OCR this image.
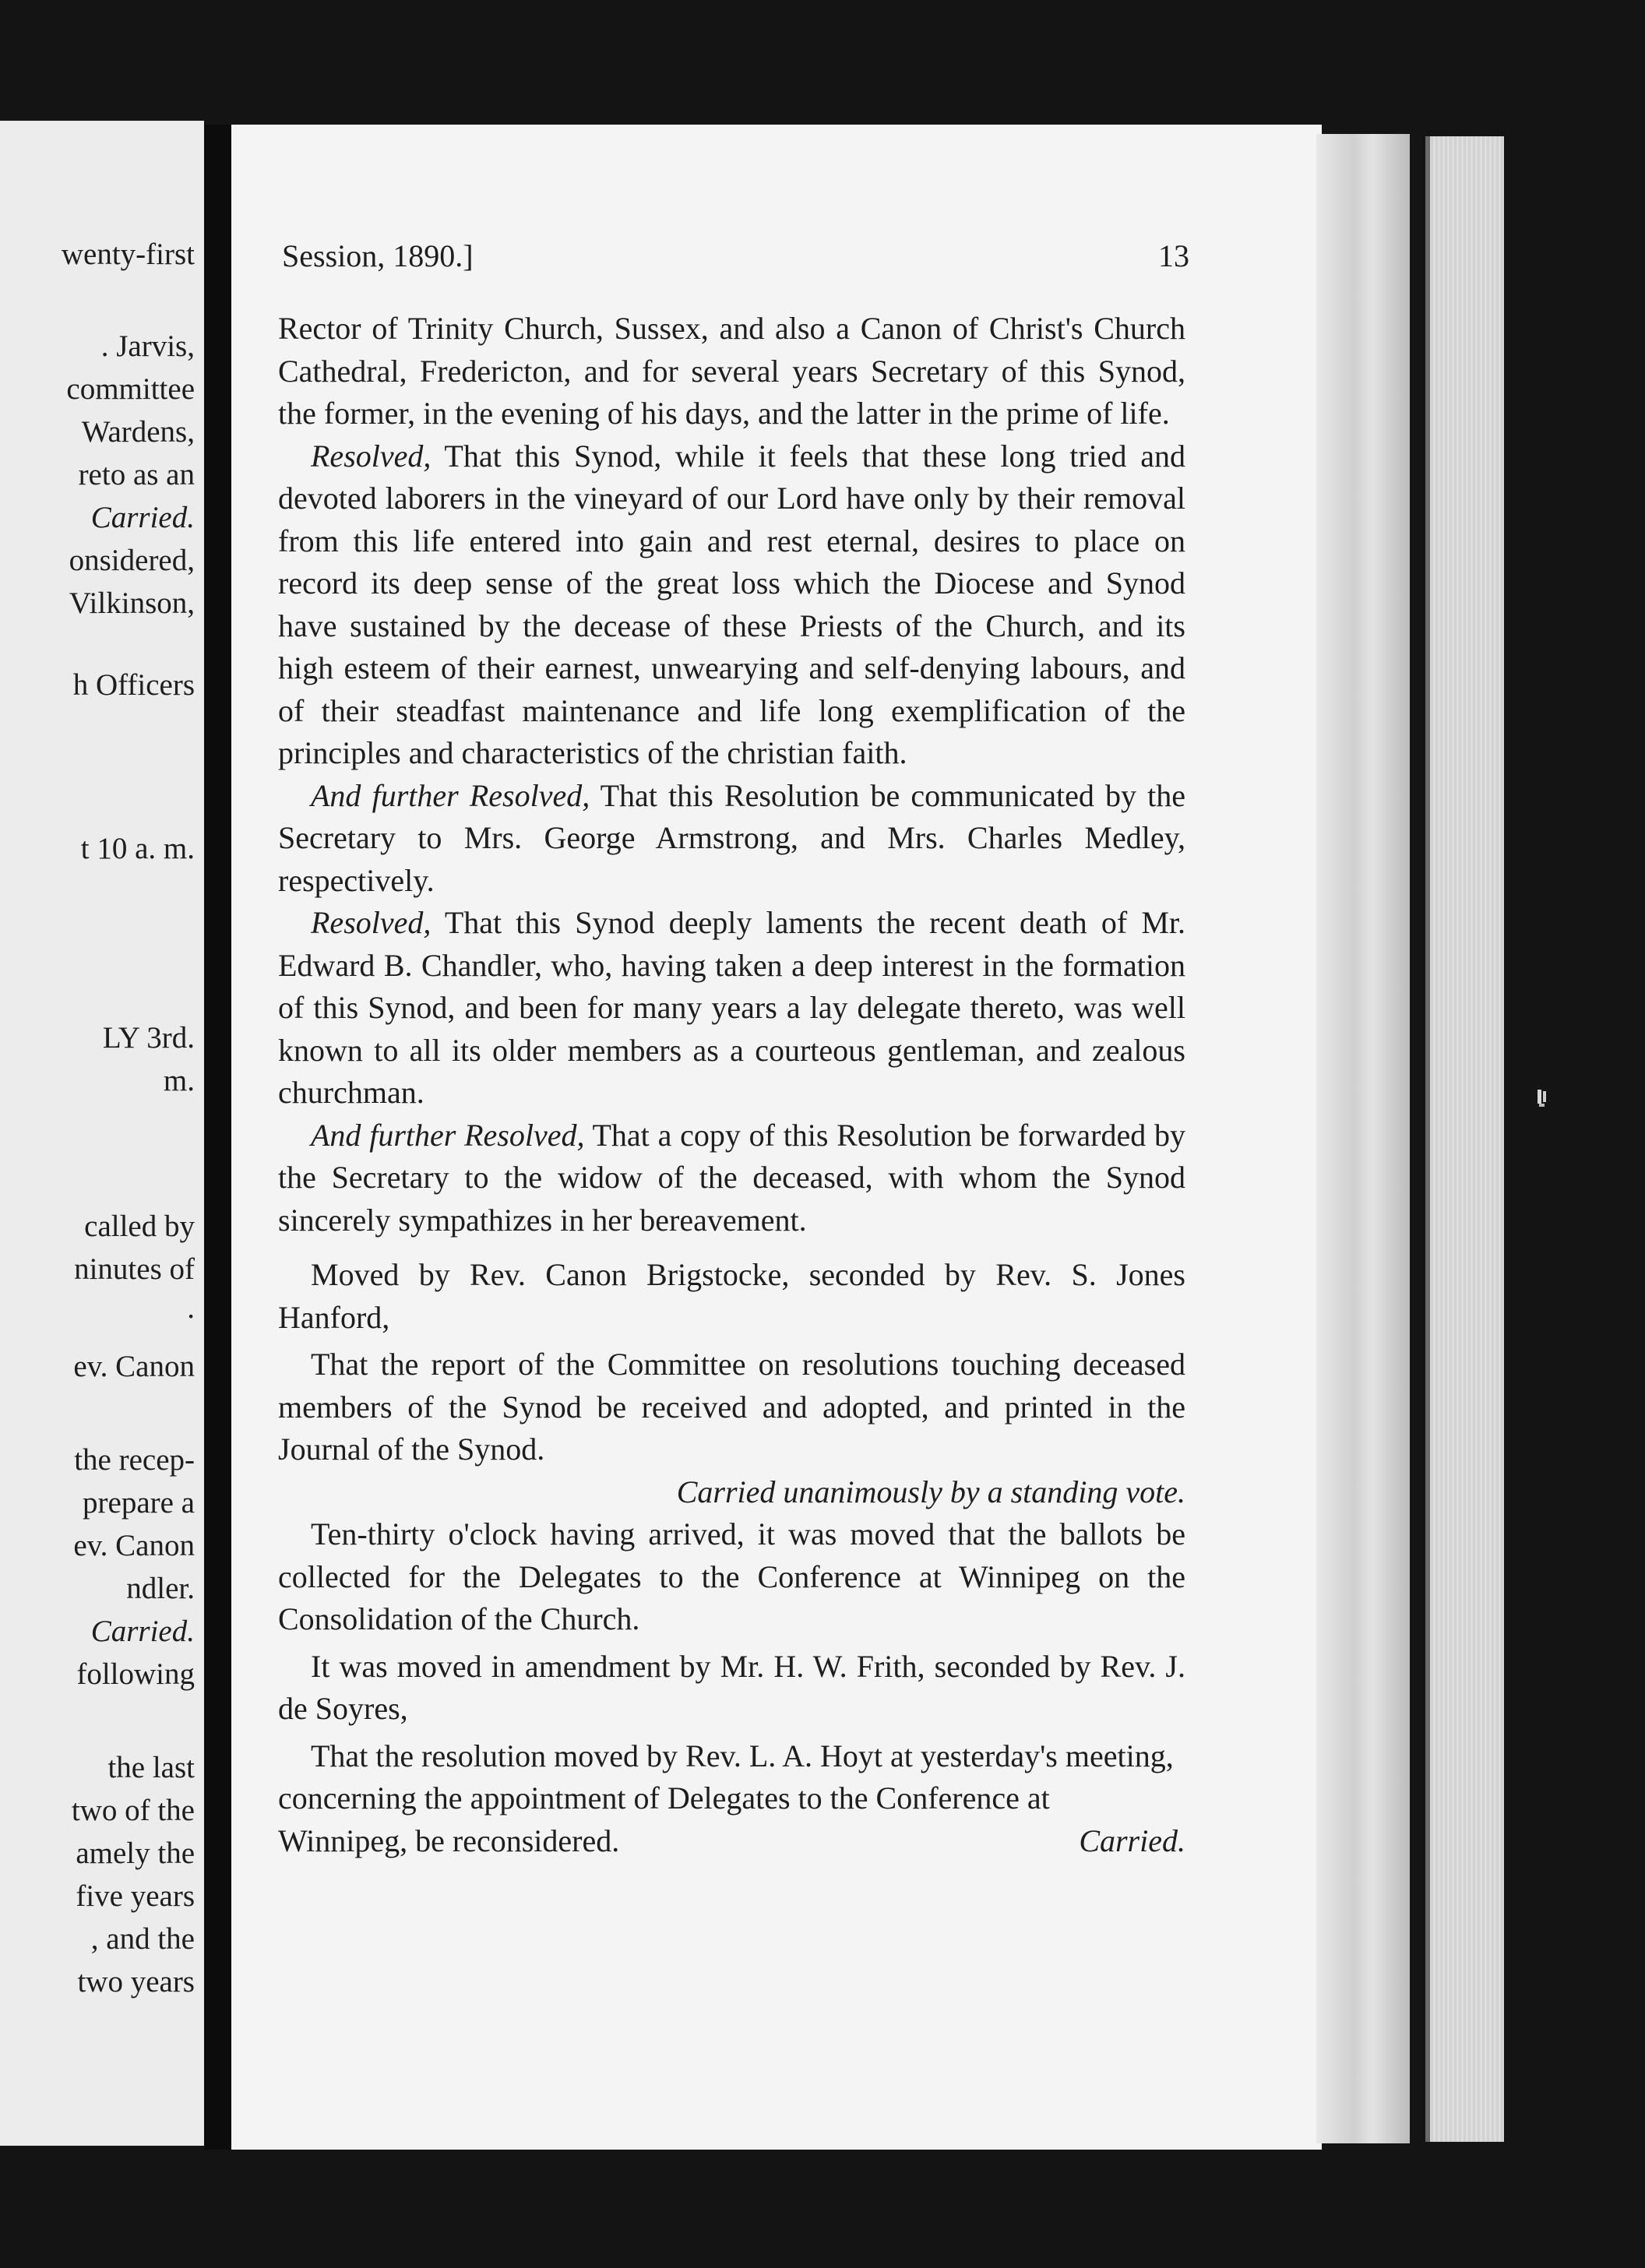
wenty-first
. Jarvis,
committee
Wardens,
reto as an
Carried.
onsidered,
Vilkinson,
h Officers
t 10 a. m.
LY 3rd.
m.
called by
ninutes of
.
ev. Canon
the recep-
prepare a
ev. Canon
ndler.
Carried.
following
the last
two of the
amely the
five years
, and the
two years
Session, 1890.]	13

Rector of Trinity Church, Sussex, and also a Canon of Christ's Church Cathedral, Fredericton, and for several years Secretary of this Synod, the former, in the evening of his days, and the latter in the prime of life.

Resolved, That this Synod, while it feels that these long tried and devoted laborers in the vineyard of our Lord have only by their removal from this life entered into gain and rest eternal, desires to place on record its deep sense of the great loss which the Diocese and Synod have sustained by the decease of these Priests of the Church, and its high esteem of their earnest, unwearying and self-denying labours, and of their steadfast maintenance and life long exemplification of the principles and characteristics of the christian faith.

And further Resolved, That this Resolution be communicated by the Secretary to Mrs. George Armstrong, and Mrs. Charles Medley, respectively.

Resolved, That this Synod deeply laments the recent death of Mr. Edward B. Chandler, who, having taken a deep interest in the formation of this Synod, and been for many years a lay delegate thereto, was well known to all its older members as a courteous gentleman, and zealous churchman.

And further Resolved, That a copy of this Resolution be forwarded by the Secretary to the widow of the deceased, with whom the Synod sincerely sympathizes in her bereavement.

Moved by Rev. Canon Brigstocke, seconded by Rev. S. Jones Hanford,

That the report of the Committee on resolutions touching deceased members of the Synod be received and adopted, and printed in the Journal of the Synod.

Carried unanimously by a standing vote.

Ten-thirty o'clock having arrived, it was moved that the ballots be collected for the Delegates to the Conference at Winnipeg on the Consolidation of the Church.

It was moved in amendment by Mr. H. W. Frith, seconded by Rev. J. de Soyres,

That the resolution moved by Rev. L. A. Hoyt at yesterday's meeting, concerning the appointment of Delegates to the Conference at Winnipeg, be reconsidered.	Carried.
